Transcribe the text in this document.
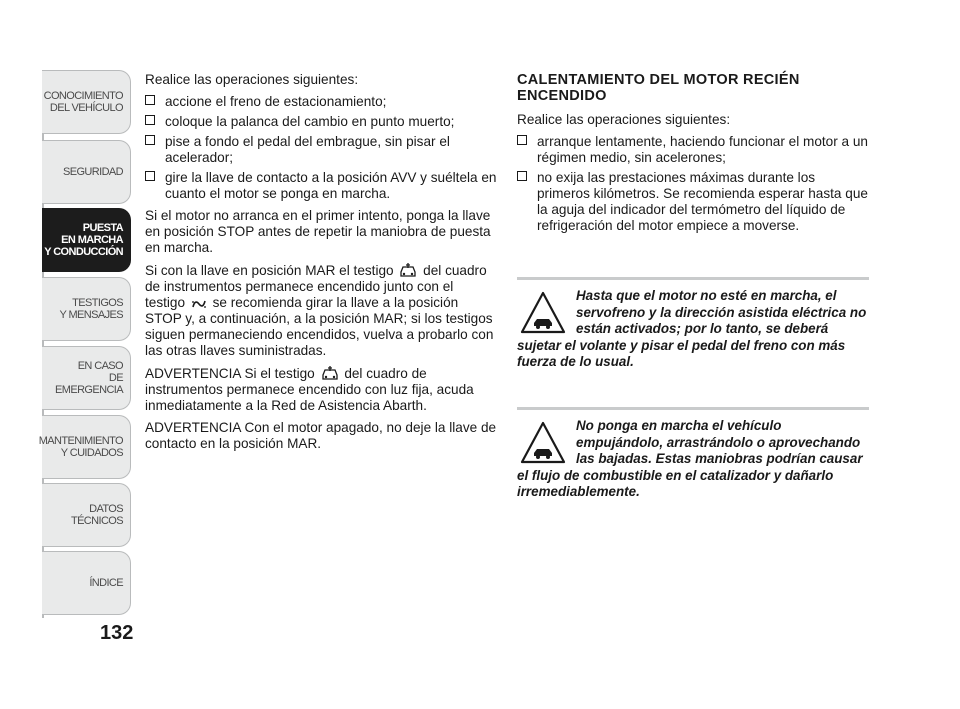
CONOCIMIENTO
DEL VEHÍCULO
SEGURIDAD
PUESTA
EN MARCHA
Y CONDUCCIÓN
TESTIGOS
Y MENSAJES
EN CASO
DE EMERGENCIA
MANTENIMIENTO
Y CUIDADOS
DATOS TÉCNICOS
ÍNDICE
132

Realice las operaciones siguientes:

accione el freno de estacionamiento;
coloque la palanca del cambio en punto muerto;
pise a fondo el pedal del embrague, sin pisar el acelerador;
gire la llave de contacto a la posición AVV y suéltela en cuanto el motor se ponga en marcha.

Si el motor no arranca en el primer intento, ponga la llave en posición STOP antes de repetir la maniobra de puesta en marcha.

Si con la llave en posición MAR el testigo del cuadro de instrumentos permanece encendido junto con el testigo se recomienda girar la llave a la posición STOP y, a continuación, a la posición MAR; si los testigos siguen permaneciendo encendidos, vuelva a probarlo con las otras llaves suministradas.

ADVERTENCIA Si el testigo del cuadro de instrumentos permanece encendido con luz fija, acuda inmediatamente a la Red de Asistencia Abarth.

ADVERTENCIA Con el motor apagado, no deje la llave de contacto en la posición MAR.

CALENTAMIENTO DEL MOTOR RECIÉN ENCENDIDO

Realice las operaciones siguientes:

arranque lentamente, haciendo funcionar el motor a un régimen medio, sin acelerones;
no exija las prestaciones máximas durante los primeros kilómetros. Se recomienda esperar hasta que la aguja del indicador del termómetro del líquido de refrigeración del motor empiece a moverse.

Hasta que el motor no esté en marcha, el servofreno y la dirección asistida eléctrica no están activados; por lo tanto, se deberá sujetar el volante y pisar el pedal del freno con más fuerza de lo usual.

No ponga en marcha el vehículo empujándolo, arrastrándolo o aprovechando las bajadas. Estas maniobras podrían causar el flujo de combustible en el catalizador y dañarlo irremediablemente.
